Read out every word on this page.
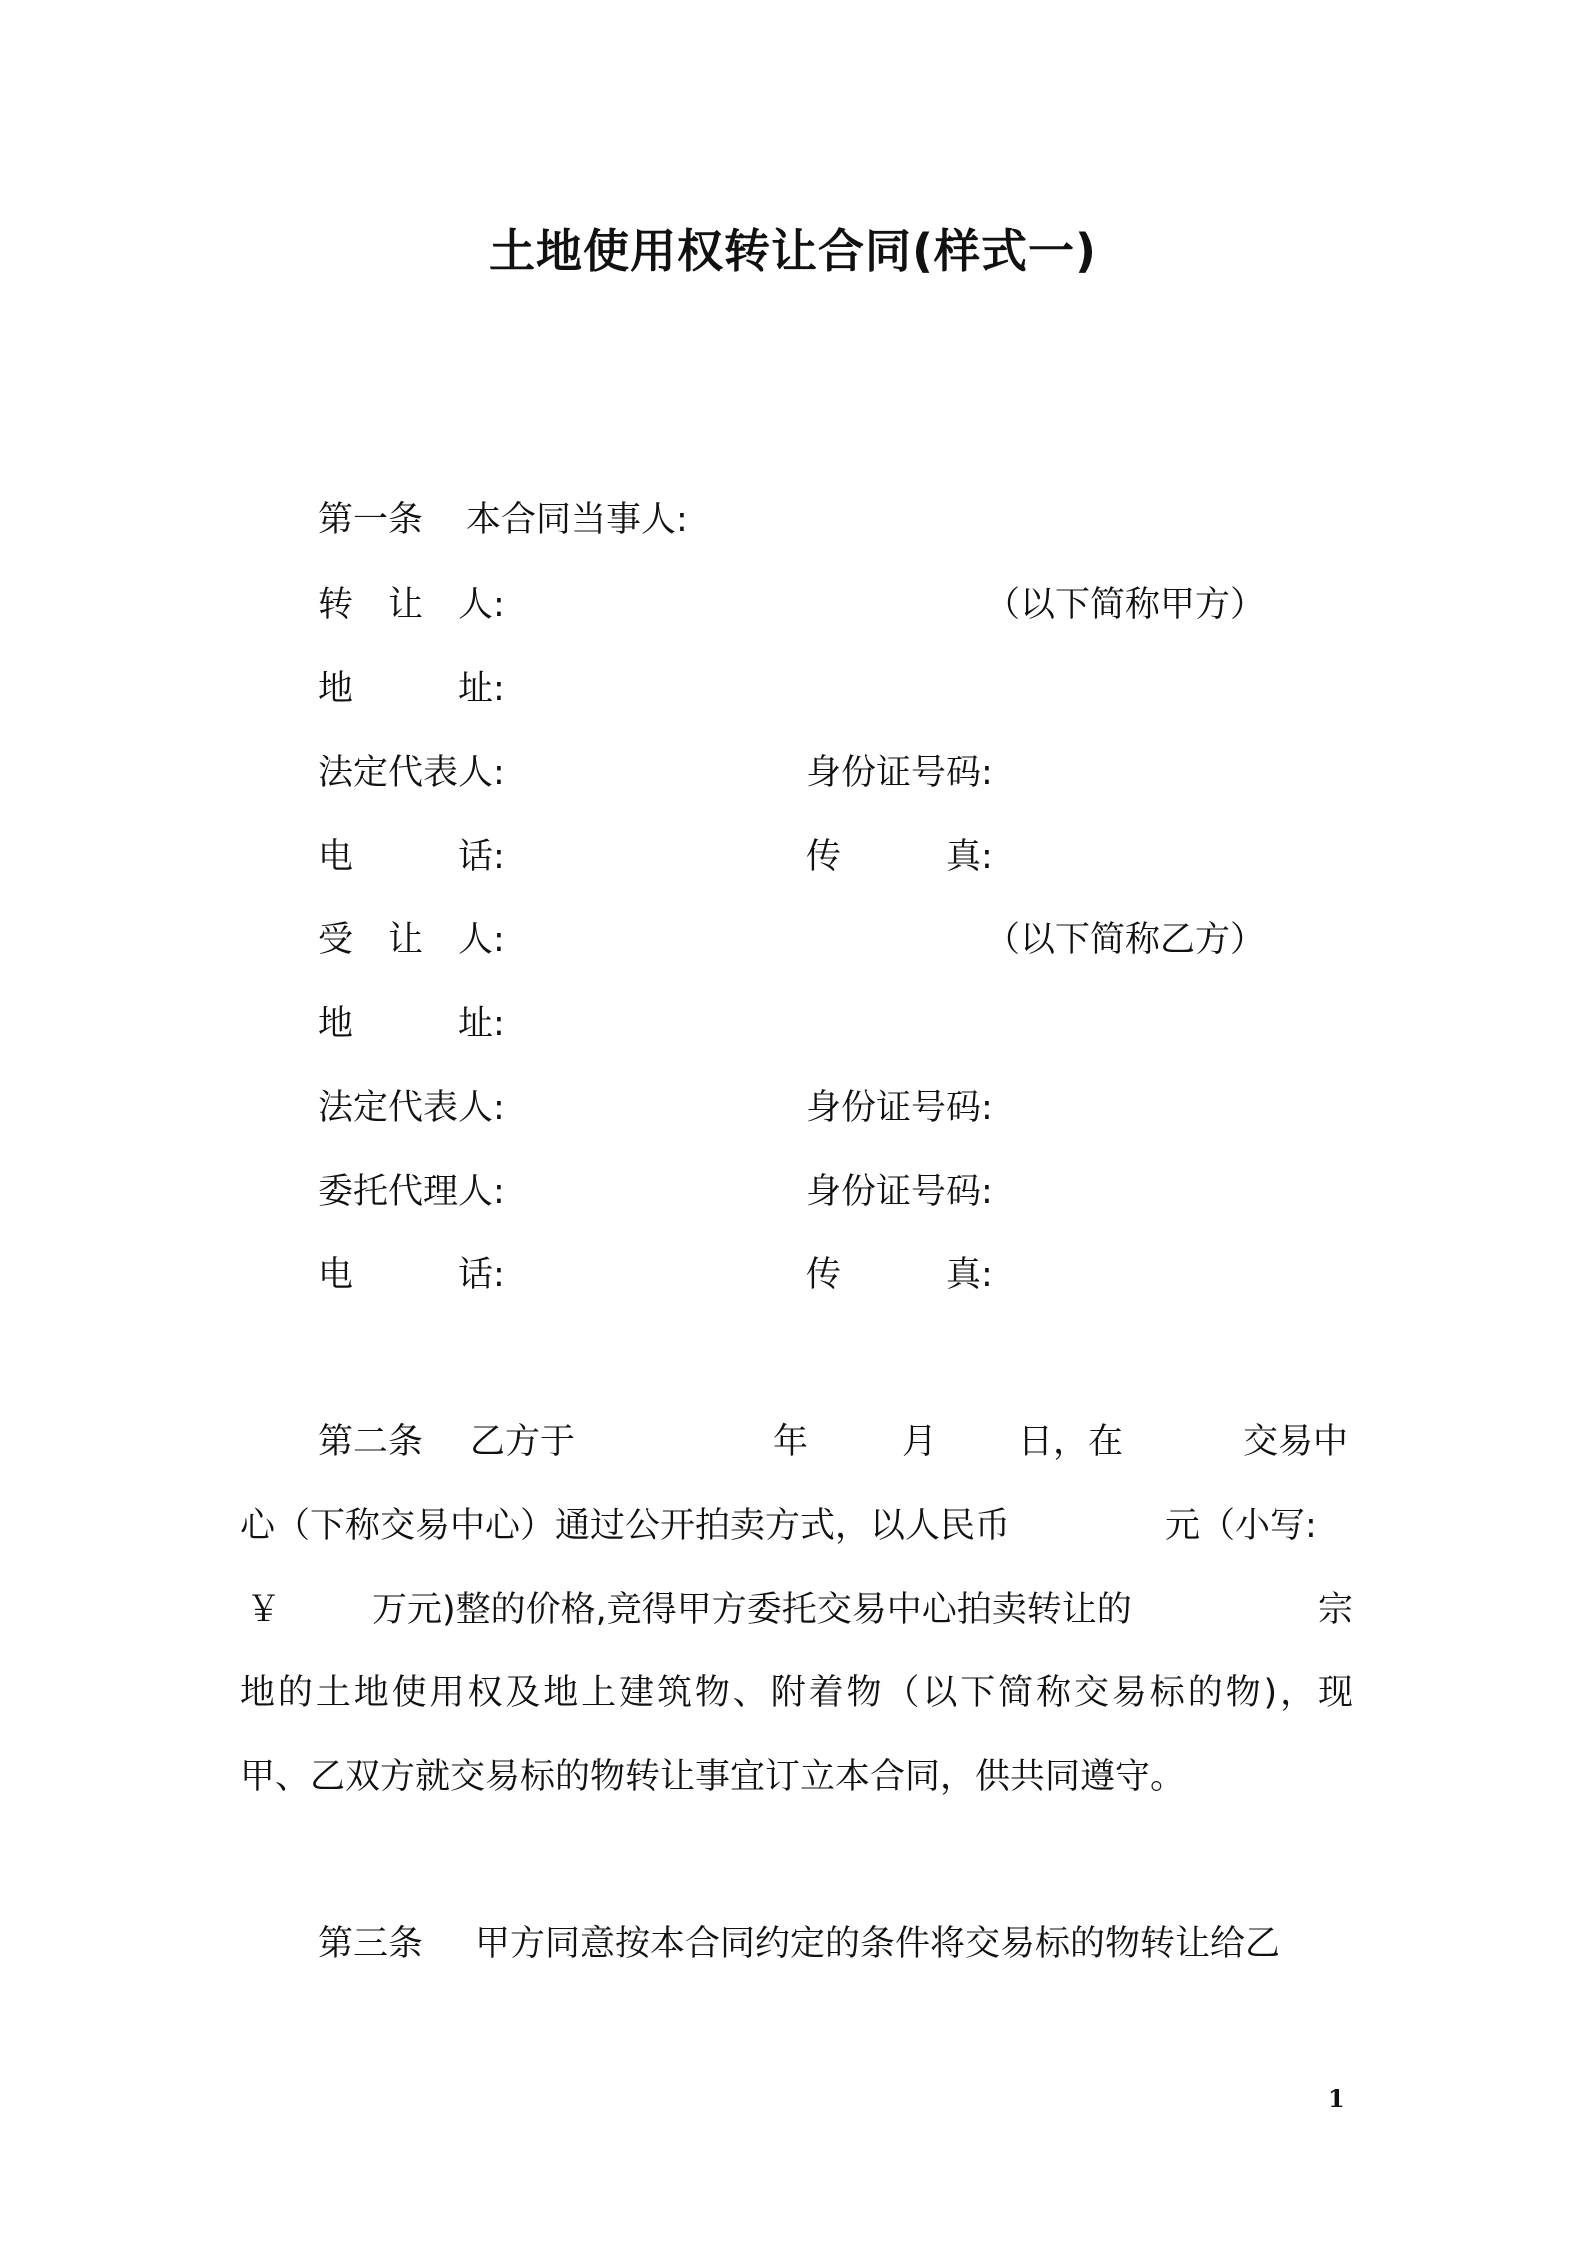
土地使用权转让合同(样式一)
第一条 本合同当事人:
转　让　人:	（以下简称甲方）
地　　　址:
法定代表人:	身份证号码:
电　　　话:	传　　　真:
受　让　人:	（以下简称乙方）
地　　　址:
法定代表人:	身份证号码:
委托代理人:	身份证号码:
电　　　话:	传　　　真:
第二条 乙方于	年	月 日，在	交易中
心（下称交易中心）通过公开拍卖方式，以人民币	元（小写:
￥	万元)整的价格,竞得甲方委托交易中心拍卖转让的	宗
地的土地使用权及地上建筑物、附着物（以下简称交易标的物)，现
甲、乙双方就交易标的物转让事宜订立本合同，供共同遵守。
第三条 甲方同意按本合同约定的条件将交易标的物转让给乙
1
